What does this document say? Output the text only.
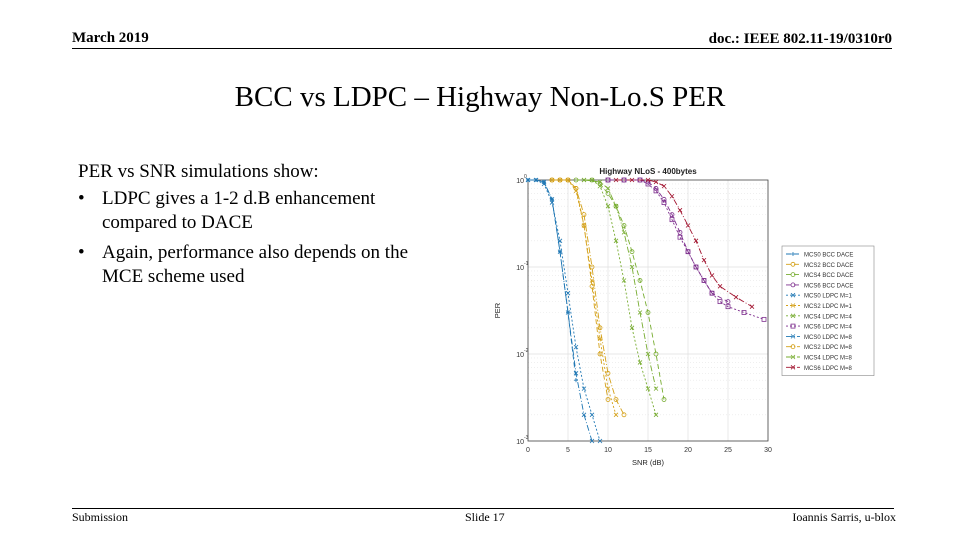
March 2019	doc.: IEEE 802.11-19/0310r0
BCC vs LDPC – Highway Non-Lo.S PER
PER vs SNR simulations show:
• LDPC gives a 1-2 d.B enhancement compared to DACE
• Again, performance also depends on the MCE scheme used
0	5	10	15	20	25	30
10
0
10
-1
10
-2
10
-3
Highway NLoS - 400bytes
SNR (dB)
PER
MCS0 BCC DACE
MCS2 BCC DACE
MCS4 BCC DACE
MCS6 BCC DACE
MCS0 LDPC M=1
MCS2 LDPC M=1
MCS4 LDPC M=4
MCS6 LDPC M=4
MCS0 LDPC M=8
MCS2 LDPC M=8
MCS4 LDPC M=8
MCS6 LDPC M=8
Submission	Slide 17	Ioannis Sarris, u-blox
